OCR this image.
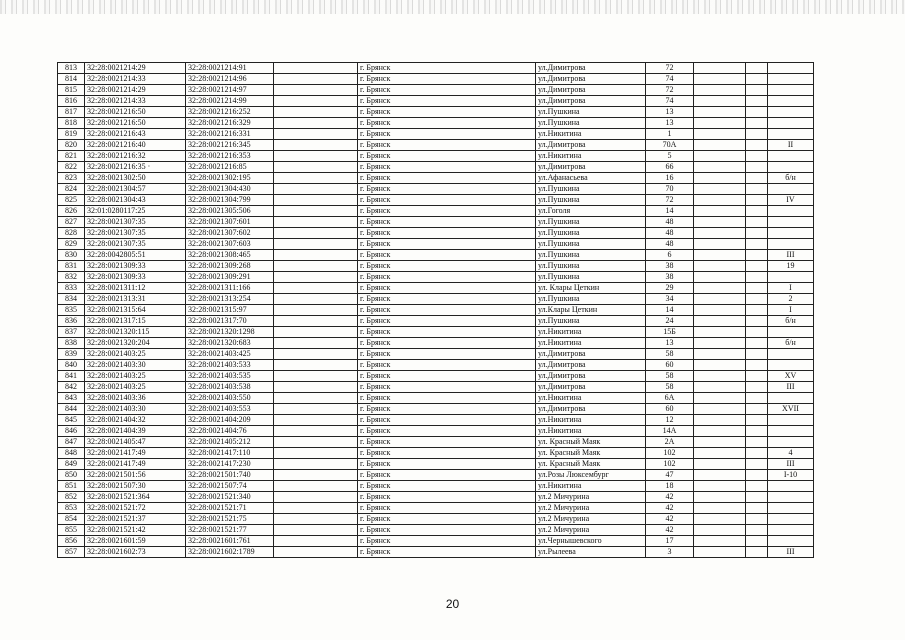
813	32:28:0021214:29	32:28:0021214:91		г. Брянск	ул.Димитрова	72			
814	32:28:0021214:33	32:28:0021214:96		г. Брянск	ул.Димитрова	74			
815	32:28:0021214:29	32:28:0021214:97		г. Брянск	ул.Димитрова	72			
816	32:28:0021214:33	32:28:0021214:99		г. Брянск	ул.Димитрова	74			
817	32:28:0021216:50	32:28:0021216:252		г. Брянск	ул.Пушкина	13			
818	32:28:0021216:50	32:28:0021216:329		г. Брянск	ул.Пушкина	13			
819	32:28:0021216:43	32:28:0021216:331		г. Брянск	ул.Никитина	1			
820	32:28:0021216:40	32:28:0021216:345		г. Брянск	ул.Димитрова	70А			II
821	32:28:0021216:32	32:28:0021216:353		г. Брянск	ул.Никитина	5			
822	32:28:0021216:35 ·	32:28:0021216:85		г. Брянск	ул.Димитрова	66			
823	32:28:0021302:50	32:28:0021302:195		г. Брянск	ул.Афанасьева	16			б/н
824	32:28:0021304:57	32:28:0021304:430		г. Брянск	ул.Пушкина	70			
825	32:28:0021304:43	32:28:0021304:799		г. Брянск	ул.Пушкина	72			IV
826	32:01:0280117:25	32:28:0021305:506		г. Брянск	ул.Гоголя	14			
827	32:28:0021307:35	32:28:0021307:601		г. Брянск	ул.Пушкина	48			
828	32:28:0021307:35	32:28:0021307:602		г. Брянск	ул.Пушкина	48			
829	32:28:0021307:35	32:28:0021307:603		г. Брянск	ул.Пушкина	48			
830	32:28:0042805:51	32:28:0021308:465		г. Брянск	ул.Пушкина	6			III
831	32:28:0021309:33	32:28:0021309:268		г. Брянск	ул.Пушкина	38			19
832	32:28:0021309:33	32:28:0021309:291		г. Брянск	ул.Пушкина	38			
833	32:28:0021311:12	32:28:0021311:166		г. Брянск	ул. Клары Цеткин	29			I
834	32:28:0021313:31	32:28:0021313:254		г. Брянск	ул.Пушкина	34			2
835	32:28:0021315:64	32:28:0021315:97		г. Брянск	ул.Клары Цеткин	14			I
836	32:28:0021317:15	32:28:0021317:70		г. Брянск	ул.Пушкина	24			б/н
837	32:28:0021320:115	32:28:0021320:1298		г. Брянск	ул.Никитина	15Б			
838	32:28:0021320:204	32:28:0021320:683		г. Брянск	ул.Никитина	13			б/н
839	32:28:0021403:25	32:28:0021403:425		г. Брянск	ул.Димитрова	58			
840	32:28:0021403:30	32:28:0021403:533		г. Брянск	ул.Димитрова	60			
841	32:28:0021403:25	32:28:0021403:535		г. Брянск	ул.Димитрова	58			XV
842	32:28:0021403:25	32:28:0021403:538		г. Брянск	ул.Димитрова	58			III
843	32:28:0021403:36	32:28:0021403:550		г. Брянск	ул.Никитина	6А			
844	32:28:0021403:30	32:28:0021403:553		г. Брянск	ул.Димитрова	60			XVII
845	32:28:0021404:32	32:28:0021404:209		г. Брянск	ул.Никитина	12			
846	32:28:0021404:39	32:28:0021404:76		г. Брянск	ул.Никитина	14А			
847	32:28:0021405:47	32:28:0021405:212		г. Брянск	ул. Красный Маяк	2А			
848	32:28:0021417:49	32:28:0021417:110		г. Брянск	ул. Красный Маяк	102			4
849	32:28:0021417:49	32:28:0021417:230		г. Брянск	ул. Красный Маяк	102			III
850	32:28:0021501:56	32:28:0021501:740		г. Брянск	ул.Розы Люксембург	47			I-10
851	32:28:0021507:30	32:28:0021507:74		г. Брянск	ул.Никитина	18			
852	32:28:0021521:364	32:28:0021521:340		г. Брянск	ул.2 Мичурина	42			
853	32:28:0021521:72	32:28:0021521:71		г. Брянск	ул.2 Мичурина	42			
854	32:28:0021521:37	32:28:0021521:75		г. Брянск	ул.2 Мичурина	42			
855	32:28:0021521:42	32:28:0021521:77		г. Брянск	ул.2 Мичурина	42			
856	32:28:0021601:59	32:28:0021601:761		г. Брянск	ул.Чернышевского	17			
857	32:28:0021602:73	32:28:0021602:1789		г. Брянск	ул.Рылеева	3			III
20
